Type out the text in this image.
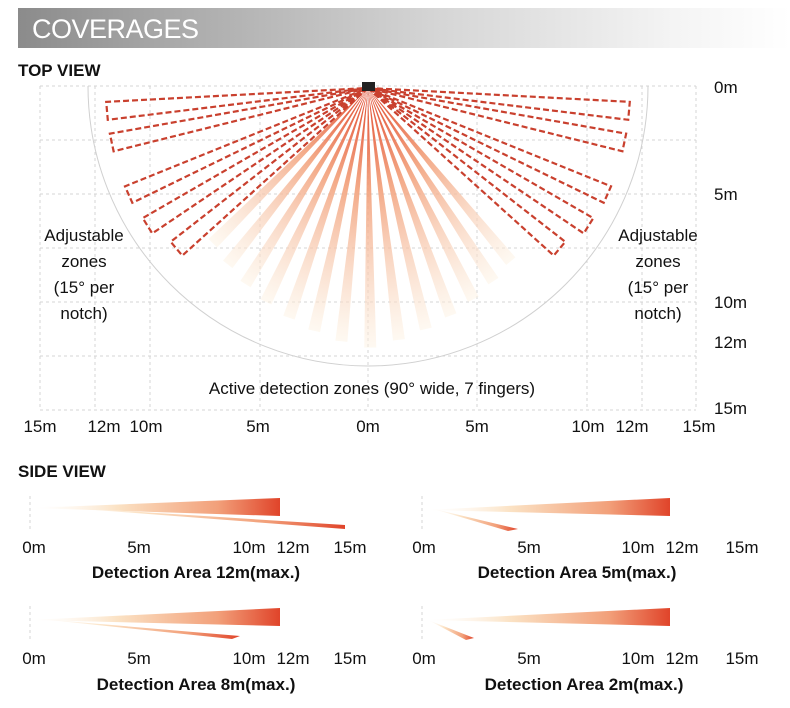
COVERAGES
TOP VIEW
SIDE VIEW
Adjustable
zones
(15° per
notch)
Adjustable
zones
(15° per
notch)
Active detection zones (90° wide, 7 fingers)
0m
5m
10m
12m
15m
15m 12m 10m	5m	0m	5m	10m 12m 15m
0m	5m	10m 12m 15m
Detection Area 12m(max.)
0m	5m	10m 12m 15m
Detection Area 5m(max.)
0m	5m	10m 12m 15m
Detection Area 8m(max.)
0m	5m	10m 12m 15m
Detection Area 2m(max.)
